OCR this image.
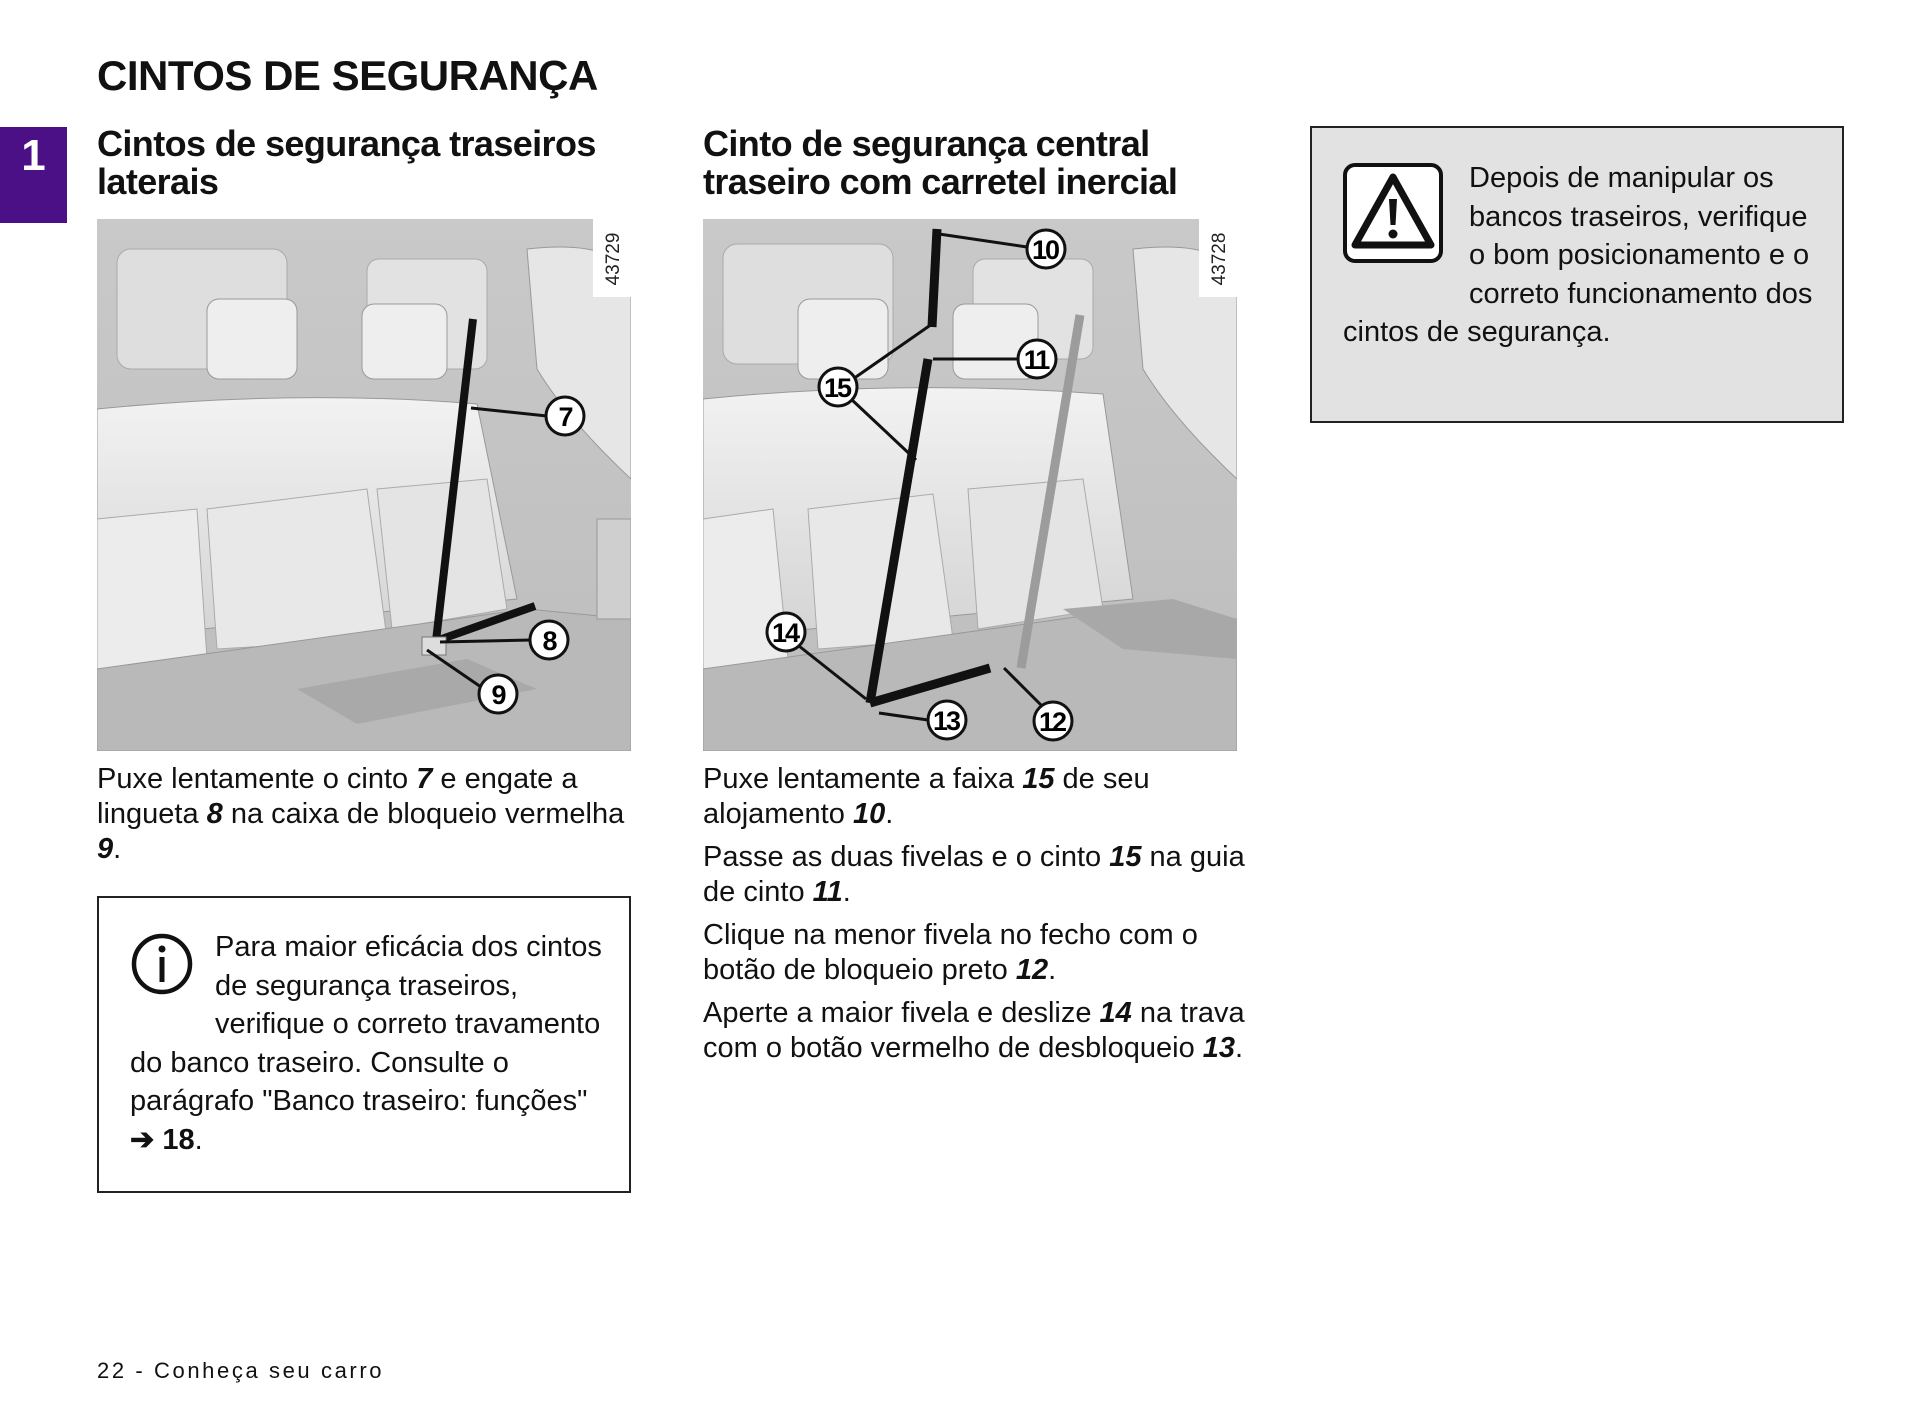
CINTOS DE SEGURANÇA
1	Cintos de segurança traseiros
laterais
7
8
9
43729

Puxe lentamente o cinto 7 e engate a lingueta 8 na caixa de bloqueio vermelha 9.

Para maior eficácia dos cintos de segurança traseiros, verifique o correto travamento do banco traseiro. Consulte o parágrafo "Banco traseiro: funções" ➔ 18.
Cinto de segurança central
traseiro com carretel inercial
10
11
15
14
13	12
43728

Puxe lentamente a faixa 15 de seu alojamento 10.

Passe as duas fivelas e o cinto 15 na guia de cinto 11.

Clique na menor fivela no fecho com o botão de bloqueio preto 12.

Aperte a maior fivela e deslize 14 na trava com o botão vermelho de desbloqueio 13.

Depois de manipular os bancos traseiros, verifique o bom posicionamento e o correto funcionamento dos cintos de segurança.
22 - Conheça seu carro
